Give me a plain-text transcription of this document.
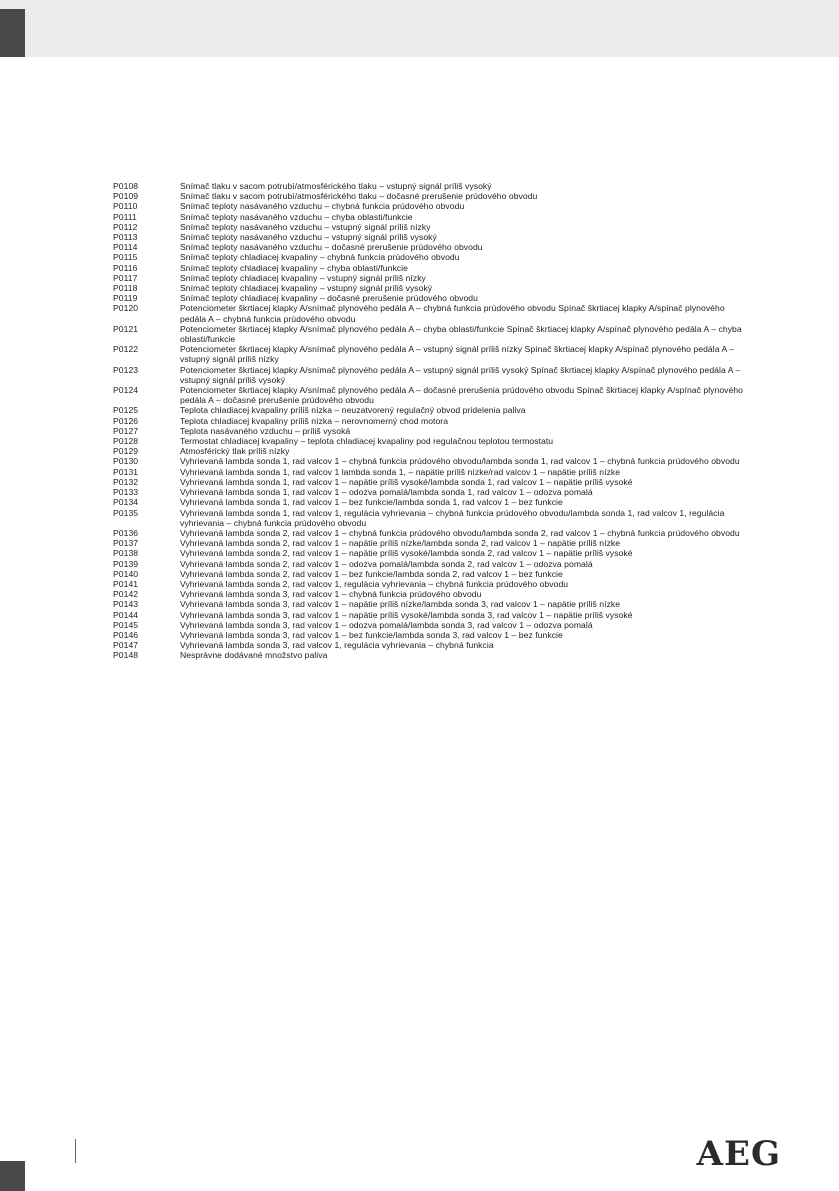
P0108	Snímač tlaku v sacom potrubí/atmosférického tlaku – vstupný signál príliš vysoký
P0109	Snímač tlaku v sacom potrubí/atmosférického tlaku – dočasné prerušenie prúdového obvodu
P0110	Snímač teploty nasávaného vzduchu – chybná funkcia prúdového obvodu
P0111	Snímač teploty nasávaného vzduchu – chyba oblasti/funkcie
P0112	Snímač teploty nasávaného vzduchu – vstupný signál príliš nízky
P0113	Snímač teploty nasávaného vzduchu – vstupný signál príliš vysoký
P0114	Snímač teploty nasávaného vzduchu – dočasné prerušenie prúdového obvodu
P0115	Snímač teploty chladiacej kvapaliny – chybná funkcia prúdového obvodu
P0116	Snímač teploty chladiacej kvapaliny – chyba oblasti/funkcie
P0117	Snímač teploty chladiacej kvapaliny – vstupný signál príliš nízky
P0118	Snímač teploty chladiacej kvapaliny – vstupný signál príliš vysoký
P0119	Snímač teploty chladiacej kvapaliny – dočasné prerušenie prúdového obvodu
P0120	Potenciometer škrtiacej klapky A/snímač plynového pedála A – chybná funkcia prúdového obvodu Spínač škrtiacej klapky A/spínač plynového pedála A – chybná funkcia prúdového obvodu
P0121	Potenciometer škrtiacej klapky A/snímač plynového pedála A – chyba oblasti/funkcie Spínač škrtiacej klapky A/spínač plynového pedála A – chyba oblasti/funkcie
P0122	Potenciometer škrtiacej klapky A/snímač plynového pedála A – vstupný signál príliš nízky Spínač škrtiacej klapky A/spínač plynového pedála A – vstupný signál príliš nízky
P0123	Potenciometer škrtiacej klapky A/snímač plynového pedála A – vstupný signál príliš vysoký Spínač škrtiacej klapky A/spínač plynového pedála A – vstupný signál príliš vysoký
P0124	Potenciometer škrtiacej klapky A/snímač plynového pedála A – dočasné prerušenia prúdového obvodu Spínač škrtiacej klapky A/spínač plynového pedála A – dočasné prerušenie prúdového obvodu
P0125	Teplota chladiacej kvapaliny príliš nízka – neuzatvorený regulačný obvod pridelenia paliva
P0126	Teplota chladiacej kvapaliny príliš nízka – nerovnomerný chod motora
P0127	Teplota nasávaného vzduchu – príliš vysoká
P0128	Termostat chladiacej kvapaliny – teplota chladiacej kvapaliny pod regulačnou teplotou termostatu
P0129	Atmosférický tlak príliš nízky
P0130	Vyhrievaná lambda sonda 1, rad valcov 1 – chybná funkcia prúdového obvodu/lambda sonda 1, rad valcov 1 – chybná funkcia prúdového obvodu
P0131	Vyhrievaná lambda sonda 1, rad valcov 1 lambda sonda 1, – napätie príliš nízke/rad valcov 1 – napätie príliš nízke
P0132	Vyhrievaná lambda sonda 1, rad valcov 1 – napätie príliš vysoké/lambda sonda 1, rad valcov 1 – napätie príliš vysoké
P0133	Vyhrievaná lambda sonda 1, rad valcov 1 – odozva pomalá/lambda sonda 1, rad valcov 1 – odozva pomalá
P0134	Vyhrievaná lambda sonda 1, rad valcov 1 – bez funkcie/lambda sonda 1, rad valcov 1 – bez funkcie
P0135	Vyhrievaná lambda sonda 1, rad valcov 1, regulácia vyhrievania – chybná funkcia prúdového obvodu/lambda sonda 1, rad valcov 1, regulácia vyhrievania – chybná funkcia prúdového obvodu
P0136	Vyhrievaná lambda sonda 2, rad valcov 1 – chybná funkcia prúdového obvodu/lambda sonda 2, rad valcov 1 – chybná funkcia prúdového obvodu
P0137	Vyhrievaná lambda sonda 2, rad valcov 1 – napätie príliš nízke/lambda sonda 2, rad valcov 1 – napätie príliš nízke
P0138	Vyhrievaná lambda sonda 2, rad valcov 1 – napätie príliš vysoké/lambda sonda 2, rad valcov 1 – napätie príliš vysoké
P0139	Vyhrievaná lambda sonda 2, rad valcov 1 – odozva pomalá/lambda sonda 2, rad valcov 1 – odozva pomalá
P0140	Vyhrievaná lambda sonda 2, rad valcov 1 – bez funkcie/lambda sonda 2, rad valcov 1 – bez funkcie
P0141	Vyhrievaná lambda sonda 2, rad valcov 1, regulácia vyhrievania – chybná funkcia prúdového obvodu
P0142	Vyhrievaná lambda sonda 3, rad valcov 1 – chybná funkcia prúdového obvodu
P0143	Vyhrievaná lambda sonda 3, rad valcov 1 – napätie príliš nízke/lambda sonda 3, rad valcov 1 – napätie príliš nízke
P0144	Vyhrievaná lambda sonda 3, rad valcov 1 – napätie príliš vysoké/lambda sonda 3, rad valcov 1 – napätie príliš vysoké
P0145	Vyhrievaná lambda sonda 3, rad valcov 1 – odozva pomalá/lambda sonda 3, rad valcov 1 – odozva pomalá
P0146	Vyhrievaná lambda sonda 3, rad valcov 1 – bez funkcie/lambda sonda 3, rad valcov 1 – bez funkcie
P0147	Vyhrievaná lambda sonda 3, rad valcov 1, regulácia vyhrievania – chybná funkcia
P0148	Nesprávne dodávané množstvo paliva
AEG
